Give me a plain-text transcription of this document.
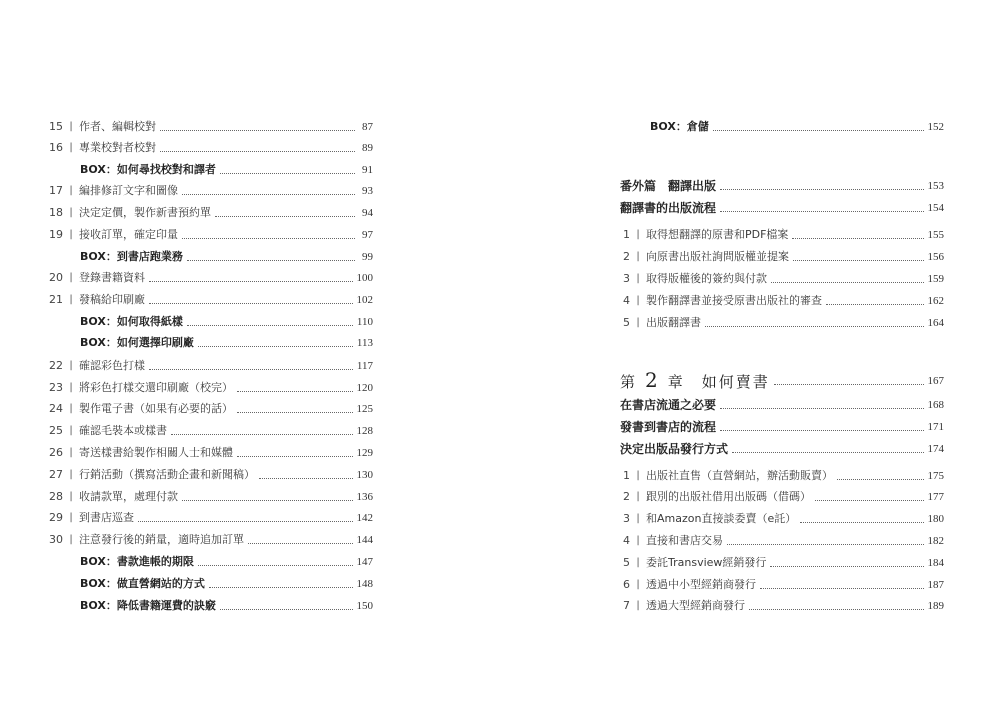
15 | 作者、編輯校對	87
16 | 專業校對者校對	89
BOX：如何尋找校對和譯者	91
17 | 編排修訂文字和圖像	93
18 | 決定定價，製作新書預約單	94
19 | 接收訂單，確定印量	97
BOX：到書店跑業務	99
20 | 登錄書籍資料	100
21 | 發稿給印刷廠	102
BOX：如何取得紙樣	110
BOX：如何選擇印刷廠	113
22 | 確認彩色打樣	117
23 | 將彩色打樣交還印刷廠（校完）	120
24 | 製作電子書（如果有必要的話）	125
25 | 確認毛裝本或樣書	128
26 | 寄送樣書給製作相關人士和媒體	129
27 | 行銷活動（撰寫活動企畫和新聞稿）	130
28 | 收請款單，處理付款	136
29 | 到書店巡查	142
30 | 注意發行後的銷量，適時追加訂單	144
BOX：書款進帳的期限	147
BOX：做直營網站的方式	148
BOX：降低書籍運費的訣竅	150
BOX：倉儲	152
番外篇　翻譯出版	153
翻譯書的出版流程	154
1 | 取得想翻譯的原書和PDF檔案	155
2 | 向原書出版社詢問版權並提案	156
3 | 取得版權後的簽約與付款	159
4 | 製作翻譯書並接受原書出版社的審查	162
5 | 出版翻譯書	164
第 2 章　如何賣書	167
在書店流通之必要	168
發書到書店的流程	171
決定出版品發行方式	174
1 | 出版社直售（直營網站，辦活動販賣）	175
2 | 跟別的出版社借用出版碼（借碼）	177
3 | 和Amazon直接談委賣（e託）	180
4 | 直接和書店交易	182
5 | 委託Transview經銷發行	184
6 | 透過中小型經銷商發行	187
7 | 透過大型經銷商發行	189
